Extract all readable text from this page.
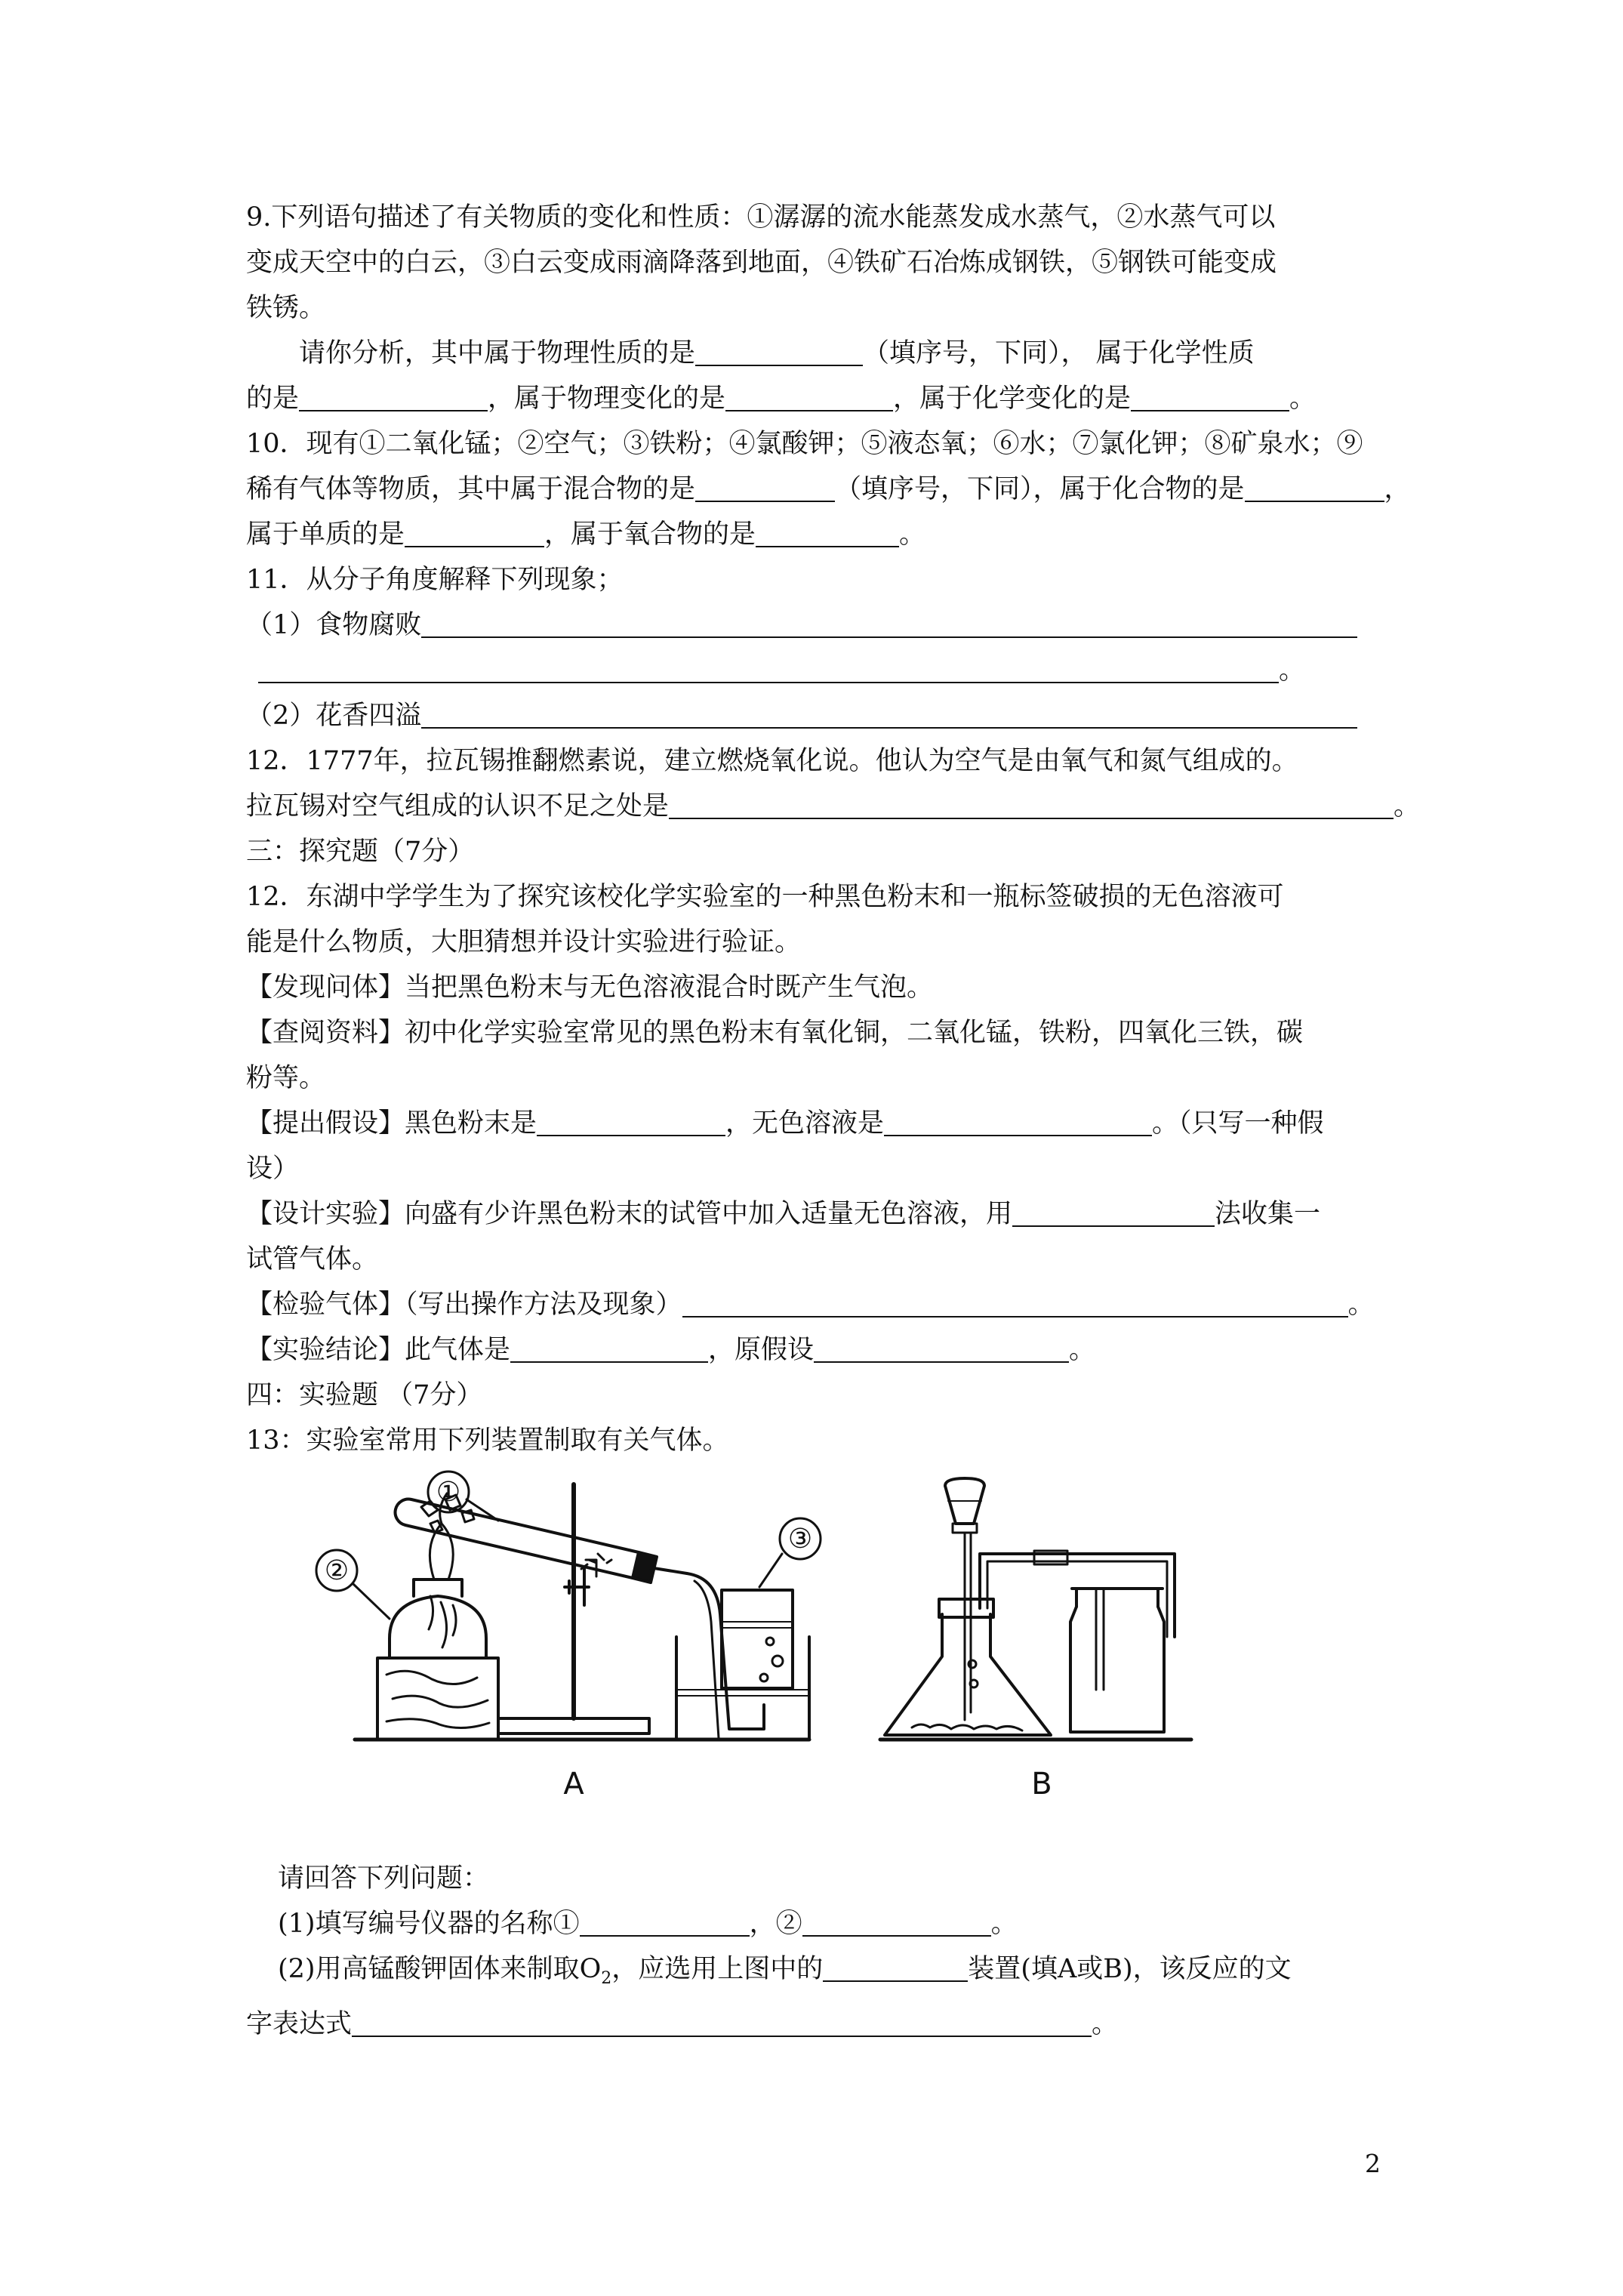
9.下列语句描述了有关物质的变化和性质：①潺潺的流水能蒸发成水蒸气，②水蒸气可以
变成天空中的白云，③白云变成雨滴降落到地面，④铁矿石冶炼成钢铁，⑤钢铁可能变成
铁锈。
请你分析，其中属于物理性质的是	（填序号，下同）， 属于化学性质
的是	，属于物理变化的是	，属于化学变化的是	。
10．现有①二氧化锰；②空气；③铁粉；④氯酸钾；⑤液态氧；⑥水；⑦氯化钾；⑧矿泉水；⑨
稀有气体等物质，其中属于混合物的是	（填序号，下同），属于化合物的是	，
属于单质的是	，属于氧合物的是	。
11．从分子角度解释下列现象；
（1）食物腐败
。
（2）花香四溢
12．1777年，拉瓦锡推翻燃素说，建立燃烧氧化说。他认为空气是由氧气和氮气组成的。
拉瓦锡对空气组成的认识不足之处是	。
三：探究题（7分）
12．东湖中学学生为了探究该校化学实验室的一种黑色粉末和一瓶标签破损的无色溶液可
能是什么物质，大胆猜想并设计实验进行验证。
【发现问体】当把黑色粉末与无色溶液混合时既产生气泡。
【查阅资料】初中化学实验室常见的黑色粉末有氧化铜，二氧化锰，铁粉，四氧化三铁，碳
粉等。
【提出假设】黑色粉末是	，无色溶液是	。（只写一种假
设）
【设计实验】向盛有少许黑色粉末的试管中加入适量无色溶液，用	法收集一
试管气体。
【检验气体】（写出操作方法及现象）	。
【实验结论】此气体是	，原假设	。
四：实验题 （7分）
13：实验室常用下列装置制取有关气体。
③
①
②
A	B
请回答下列问题：
(1)填写编号仪器的名称①	，②	。
(2)用高锰酸钾固体来制取$O_2$，应选用上图中的	装置(填A或B)，该反应的文
字表达式	。
2
